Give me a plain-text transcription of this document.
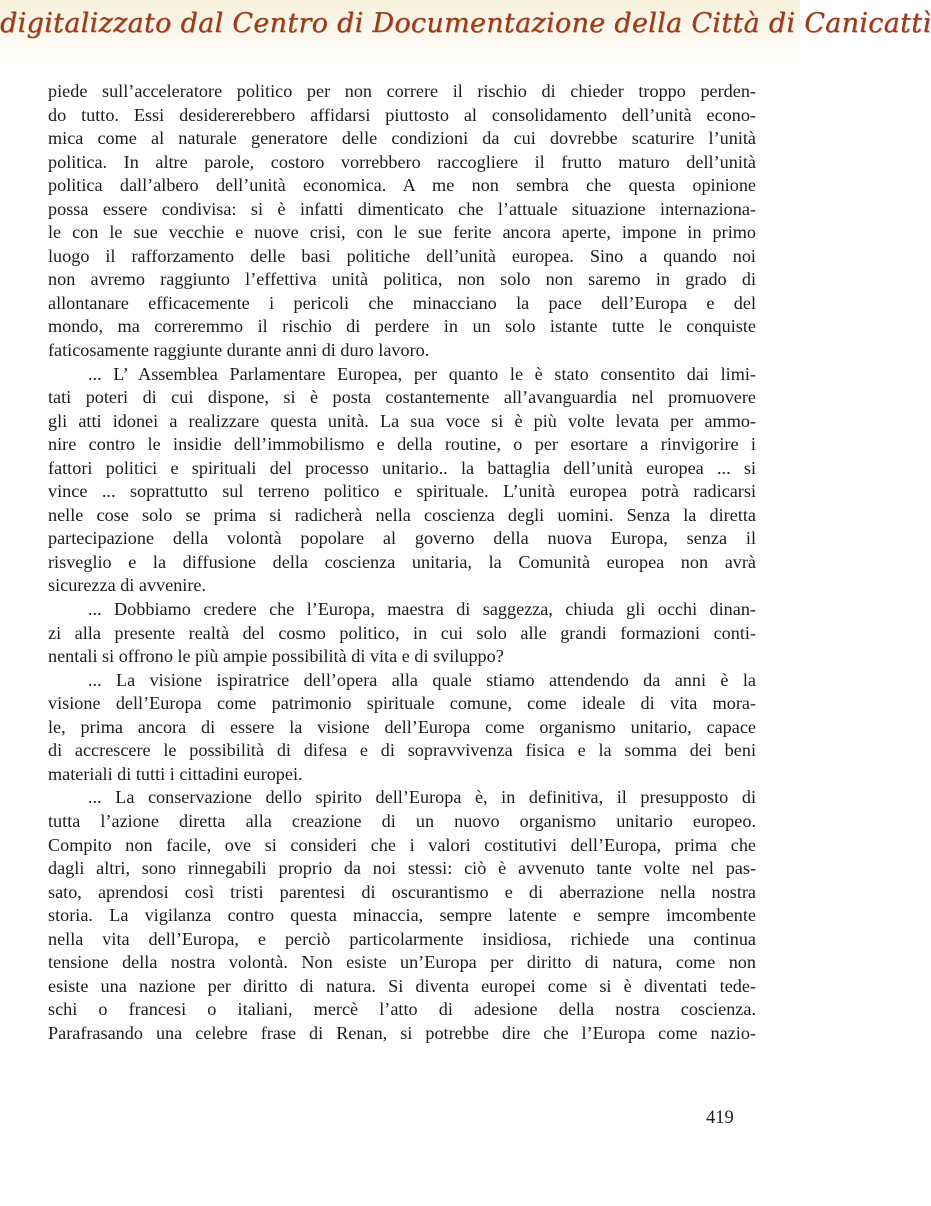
digitalizzato dal Centro di Documentazione della Città di Canicattì

piede sull’acceleratore politico per non correre il rischio di chieder troppo perden-
do tutto. Essi desidererebbero affidarsi piuttosto al consolidamento dell’unità econo-
mica come al naturale generatore delle condizioni da cui dovrebbe scaturire l’unità
politica. In altre parole, costoro vorrebbero raccogliere il frutto maturo dell’unità
politica dall’albero dell’unità economica. A me non sembra che questa opinione
possa essere condivisa: si è infatti dimenticato che l’attuale situazione internaziona-
le con le sue vecchie e nuove crisi, con le sue ferite ancora aperte, impone in primo
luogo il rafforzamento delle basi politiche dell’unità europea. Sino a quando noi
non avremo raggiunto l’effettiva unità politica, non solo non saremo in grado di
allontanare efficacemente i pericoli che minacciano la pace dell’Europa e del
mondo, ma correremmo il rischio di perdere in un solo istante tutte le conquiste
faticosamente raggiunte durante anni di duro lavoro.

... L’ Assemblea Parlamentare Europea, per quanto le è stato consentito dai limi-
tati poteri di cui dispone, si è posta costantemente all’avanguardia nel promuovere
gli atti idonei a realizzare questa unità. La sua voce si è più volte levata per ammo-
nire contro le insidie dell’immobilismo e della routine, o per esortare a rinvigorire i
fattori politici e spirituali del processo unitario.. la battaglia dell’unità europea ... si
vince ... soprattutto sul terreno politico e spirituale. L’unità europea potrà radicarsi
nelle cose solo se prima si radicherà nella coscienza degli uomini. Senza la diretta
partecipazione della volontà popolare al governo della nuova Europa, senza il
risveglio e la diffusione della coscienza unitaria, la Comunità europea non avrà
sicurezza di avvenire.

... Dobbiamo credere che l’Europa, maestra di saggezza, chiuda gli occhi dinan-
zi alla presente realtà del cosmo politico, in cui solo alle grandi formazioni conti-
nentali si offrono le più ampie possibilità di vita e di sviluppo?

... La visione ispiratrice dell’opera alla quale stiamo attendendo da anni è la
visione dell’Europa come patrimonio spirituale comune, come ideale di vita mora-
le, prima ancora di essere la visione dell’Europa come organismo unitario, capace
di accrescere le possibilità di difesa e di sopravvivenza fisica e la somma dei beni
materiali di tutti i cittadini europei.

... La conservazione dello spirito dell’Europa è, in definitiva, il presupposto di
tutta l’azione diretta alla creazione di un nuovo organismo unitario europeo.
Compito non facile, ove si consideri che i valori costitutivi dell’Europa, prima che
dagli altri, sono rinnegabili proprio da noi stessi: ciò è avvenuto tante volte nel pas-
sato, aprendosi così tristi parentesi di oscurantismo e di aberrazione nella nostra
storia. La vigilanza contro questa minaccia, sempre latente e sempre imcombente
nella vita dell’Europa, e perciò particolarmente insidiosa, richiede una continua
tensione della nostra volontà. Non esiste un’Europa per diritto di natura, come non
esiste una nazione per diritto di natura. Si diventa europei come si è diventati tede-
schi o francesi o italiani, mercè l’atto di adesione della nostra coscienza.
Parafrasando una celebre frase di Renan, si potrebbe dire che l’Europa come nazio-

419
